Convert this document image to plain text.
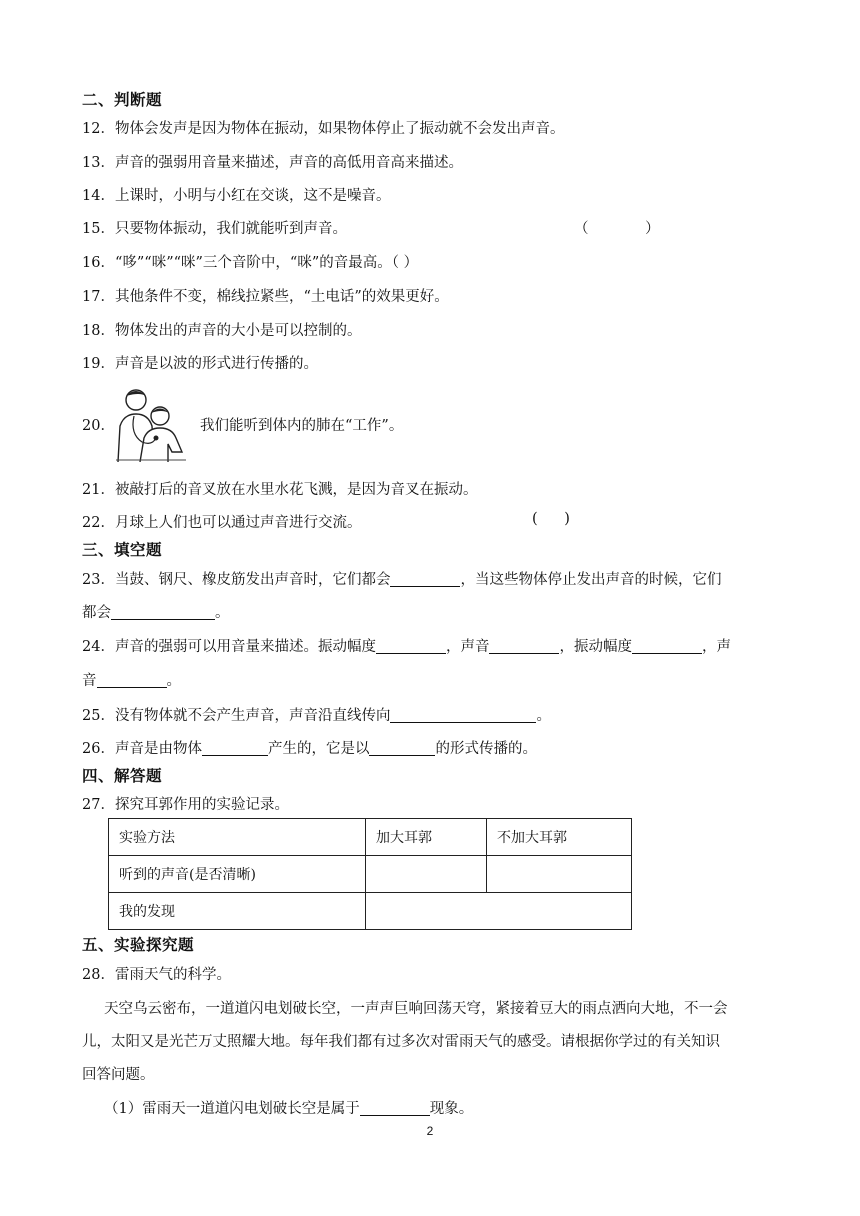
二、判断题
12．物体会发声是因为物体在振动，如果物体停止了振动就不会发出声音。
13．声音的强弱用音量来描述，声音的高低用音高来描述。
14．上课时，小明与小红在交谈，这不是噪音。
15．只要物体振动，我们就能听到声音。	（ ）
16．“哆”“咪”“咪”三个音阶中，“咪”的音最高。（ ）
17．其他条件不变，棉线拉紧些，“土电话”的效果更好。
18．物体发出的声音的大小是可以控制的。
19．声音是以波的形式进行传播的。
20．	我们能听到体内的肺在“工作”。
21．被敲打后的音叉放在水里水花飞溅，是因为音叉在振动。
22．月球上人们也可以通过声音进行交流。	( )
三、填空题
23．当鼓、钢尺、橡皮筋发出声音时，它们都会	，当这些物体停止发出声音的时候，它们
都会	。
24．声音的强弱可以用音量来描述。振动幅度	，声音	，振动幅度	，声
音	。
25．没有物体就不会产生声音，声音沿直线传向	。
26．声音是由物体	产生的，它是以	的形式传播的。
四、解答题
27．探究耳郭作用的实验记录。
实验方法	加大耳郭	不加大耳郭
听到的声音(是否清晰)		
我的发现		
五、实验探究题
28．雷雨天气的科学。
天空乌云密布，一道道闪电划破长空，一声声巨响回荡天穹，紧接着豆大的雨点洒向大地，不一会
儿，太阳又是光芒万丈照耀大地。每年我们都有过多次对雷雨天气的感受。请根据你学过的有关知识
回答问题。
（1）雷雨天一道道闪电划破长空是属于	现象。
2
